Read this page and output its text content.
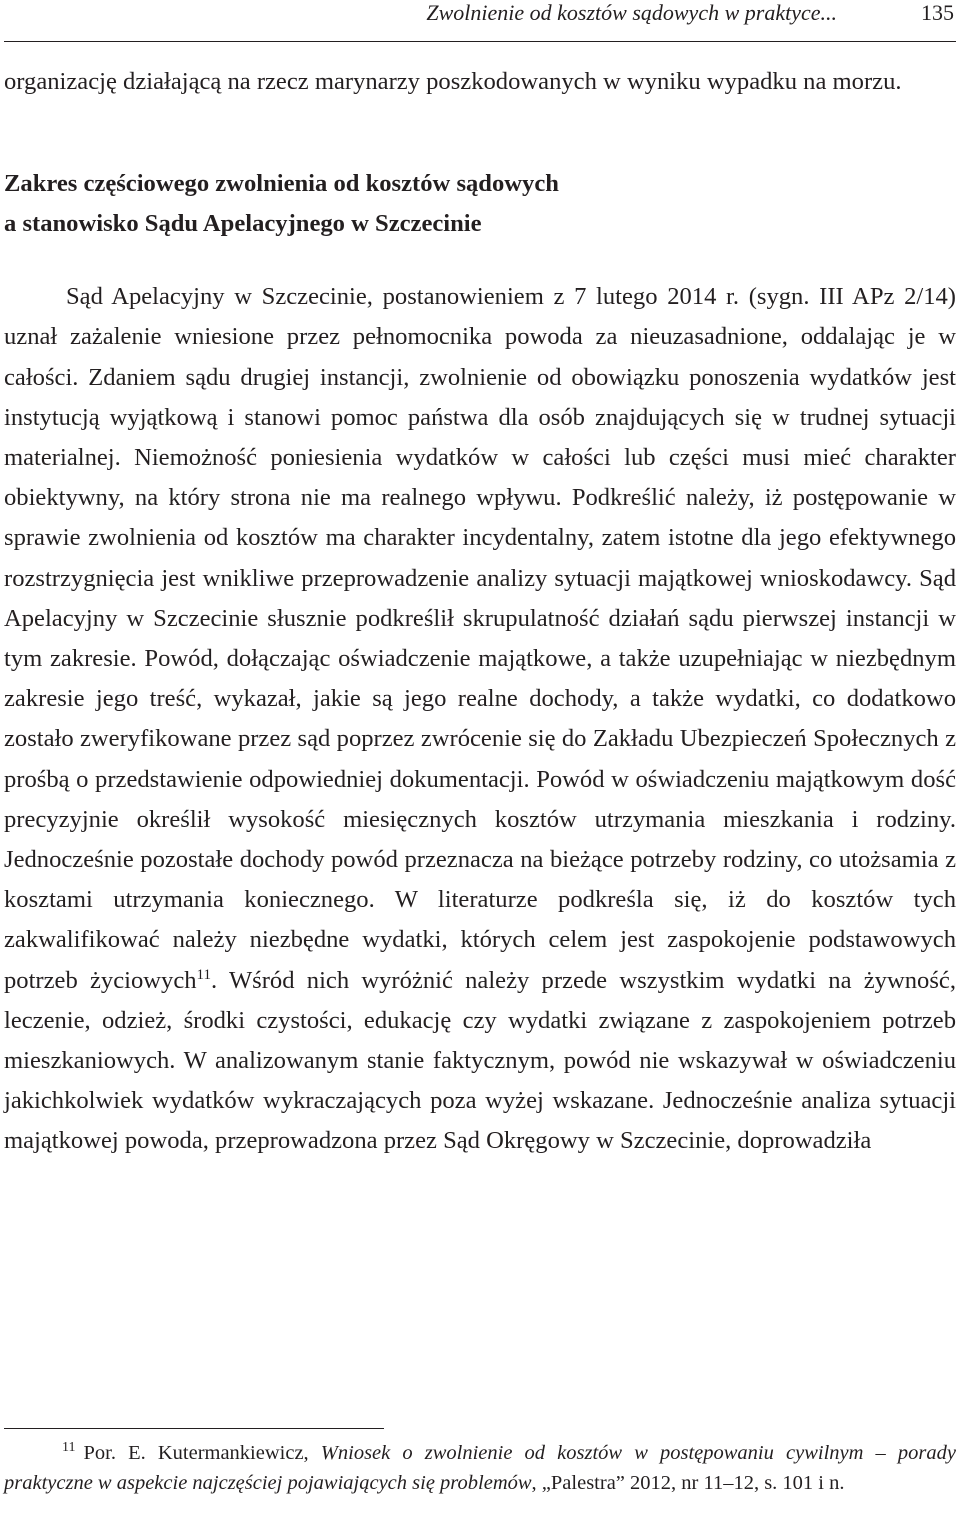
Zwolnienie od kosztów sądowych w praktyce...	135

organizację działającą na rzecz marynarzy poszkodowanych w wyniku wypadku na morzu.

Zakres częściowego zwolnienia od kosztów sądowych
a stanowisko Sądu Apelacyjnego w Szczecinie

Sąd Apelacyjny w Szczecinie, postanowieniem z 7 lutego 2014 r. (sygn. III APz 2/14) uznał zażalenie wniesione przez pełnomocnika powoda za nieuzasadnione, oddalając je w całości. Zdaniem sądu drugiej instancji, zwolnienie od obowiązku ponoszenia wydatków jest instytucją wyjątkową i stanowi pomoc państwa dla osób znajdujących się w trudnej sytuacji materialnej. Niemożność poniesienia wydatków w całości lub części musi mieć charakter obiektywny, na który strona nie ma realnego wpływu. Podkreślić należy, iż postępowanie w sprawie zwolnienia od kosztów ma charakter incydentalny, zatem istotne dla jego efektywnego rozstrzygnięcia jest wnikliwe przeprowadzenie analizy sytuacji majątkowej wnioskodawcy. Sąd Apelacyjny w Szczecinie słusznie podkreślił skrupulatność działań sądu pierwszej instancji w tym zakresie. Powód, dołączając oświadczenie majątkowe, a także uzupełniając w niezbędnym zakresie jego treść, wykazał, jakie są jego realne dochody, a także wydatki, co dodatkowo zostało zweryfikowane przez sąd poprzez zwrócenie się do Zakładu Ubezpieczeń Społecznych z prośbą o przedstawienie odpowiedniej dokumentacji. Powód w oświadczeniu majątkowym dość precyzyjnie określił wysokość miesięcznych kosztów utrzymania mieszkania i rodziny. Jednocześnie pozostałe dochody powód przeznacza na bieżące potrzeby rodziny, co utożsamia z kosztami utrzymania koniecznego. W literaturze podkreśla się, iż do kosztów tych zakwalifikować należy niezbędne wydatki, których celem jest zaspokojenie podstawowych potrzeb życiowych$^{11}$. Wśród nich wyróżnić należy przede wszystkim wydatki na żywność, leczenie, odzież, środki czystości, edukację czy wydatki związane z zaspokojeniem potrzeb mieszkaniowych. W analizowanym stanie faktycznym, powód nie wskazywał w oświadczeniu jakichkolwiek wydatków wykraczających poza wyżej wskazane. Jednocześnie analiza sytuacji majątkowej powoda, przeprowadzona przez Sąd Okręgowy w Szczecinie, doprowadziła

$^{11}$ Por. E. Kutermankiewicz, Wniosek o zwolnienie od kosztów w postępowaniu cywilnym – porady praktyczne w aspekcie najczęściej pojawiających się problemów, „Palestra” 2012, nr 11–12, s. 101 i n.
